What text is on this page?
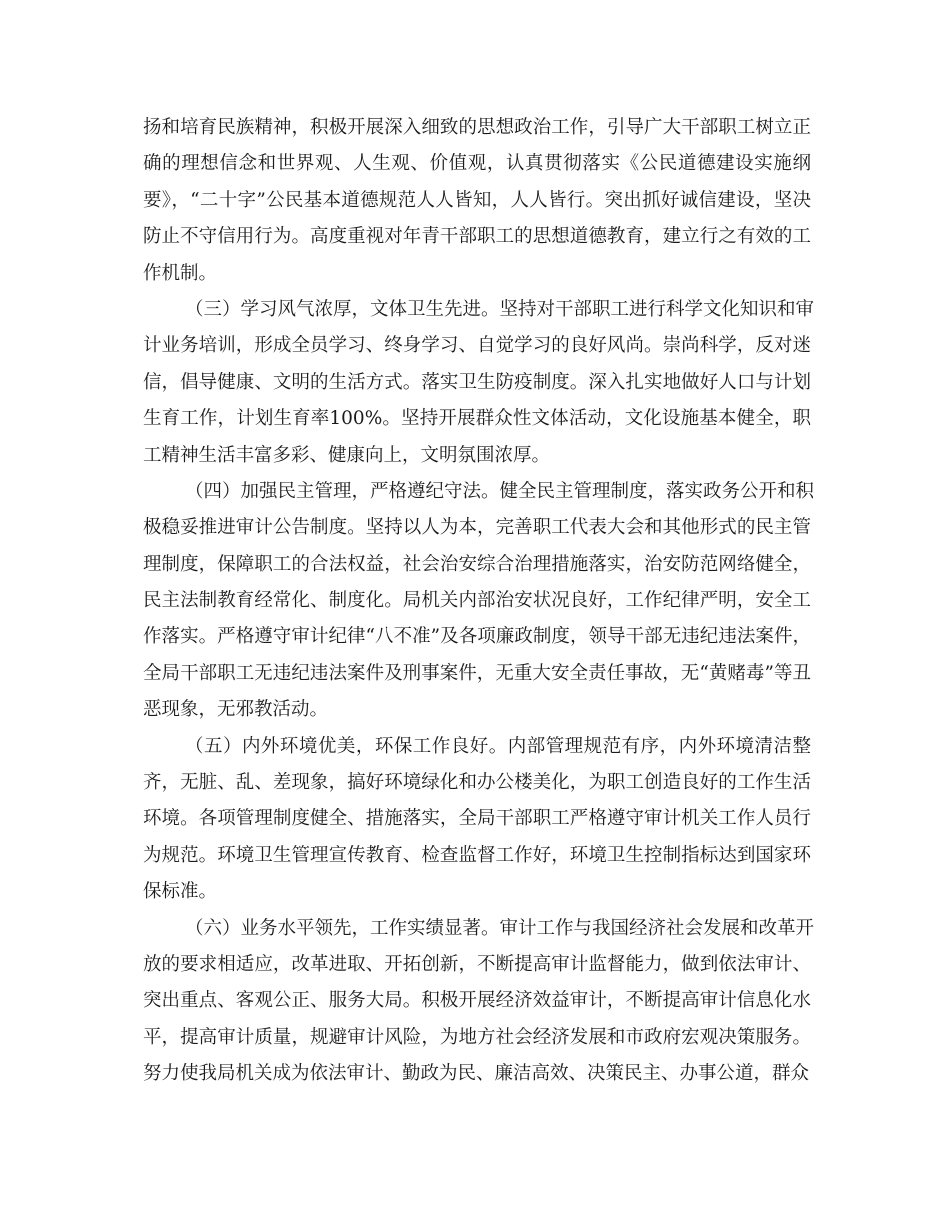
扬和培育民族精神，积极开展深入细致的思想政治工作，引导广大干部职工树立正
确的理想信念和世界观、人生观、价值观，认真贯彻落实《公民道德建设实施纲
要》，“二十字”公民基本道德规范人人皆知，人人皆行。突出抓好诚信建设，坚决
防止不守信用行为。高度重视对年青干部职工的思想道德教育，建立行之有效的工
作机制。
（三）学习风气浓厚，文体卫生先进。坚持对干部职工进行科学文化知识和审
计业务培训，形成全员学习、终身学习、自觉学习的良好风尚。崇尚科学，反对迷
信，倡导健康、文明的生活方式。落实卫生防疫制度。深入扎实地做好人口与计划
生育工作，计划生育率100%。坚持开展群众性文体活动，文化设施基本健全，职
工精神生活丰富多彩、健康向上，文明氛围浓厚。
（四）加强民主管理，严格遵纪守法。健全民主管理制度，落实政务公开和积
极稳妥推进审计公告制度。坚持以人为本，完善职工代表大会和其他形式的民主管
理制度，保障职工的合法权益，社会治安综合治理措施落实，治安防范网络健全，
民主法制教育经常化、制度化。局机关内部治安状况良好，工作纪律严明，安全工
作落实。严格遵守审计纪律“八不准”及各项廉政制度，领导干部无违纪违法案件，
全局干部职工无违纪违法案件及刑事案件，无重大安全责任事故，无“黄赌毒”等丑
恶现象，无邪教活动。
（五）内外环境优美，环保工作良好。内部管理规范有序，内外环境清洁整
齐，无脏、乱、差现象，搞好环境绿化和办公楼美化，为职工创造良好的工作生活
环境。各项管理制度健全、措施落实，全局干部职工严格遵守审计机关工作人员行
为规范。环境卫生管理宣传教育、检查监督工作好，环境卫生控制指标达到国家环
保标准。
（六）业务水平领先，工作实绩显著。审计工作与我国经济社会发展和改革开
放的要求相适应，改革进取、开拓创新，不断提高审计监督能力，做到依法审计、
突出重点、客观公正、服务大局。积极开展经济效益审计，不断提高审计信息化水
平，提高审计质量，规避审计风险，为地方社会经济发展和市政府宏观决策服务。
努力使我局机关成为依法审计、勤政为民、廉洁高效、决策民主、办事公道，群众
